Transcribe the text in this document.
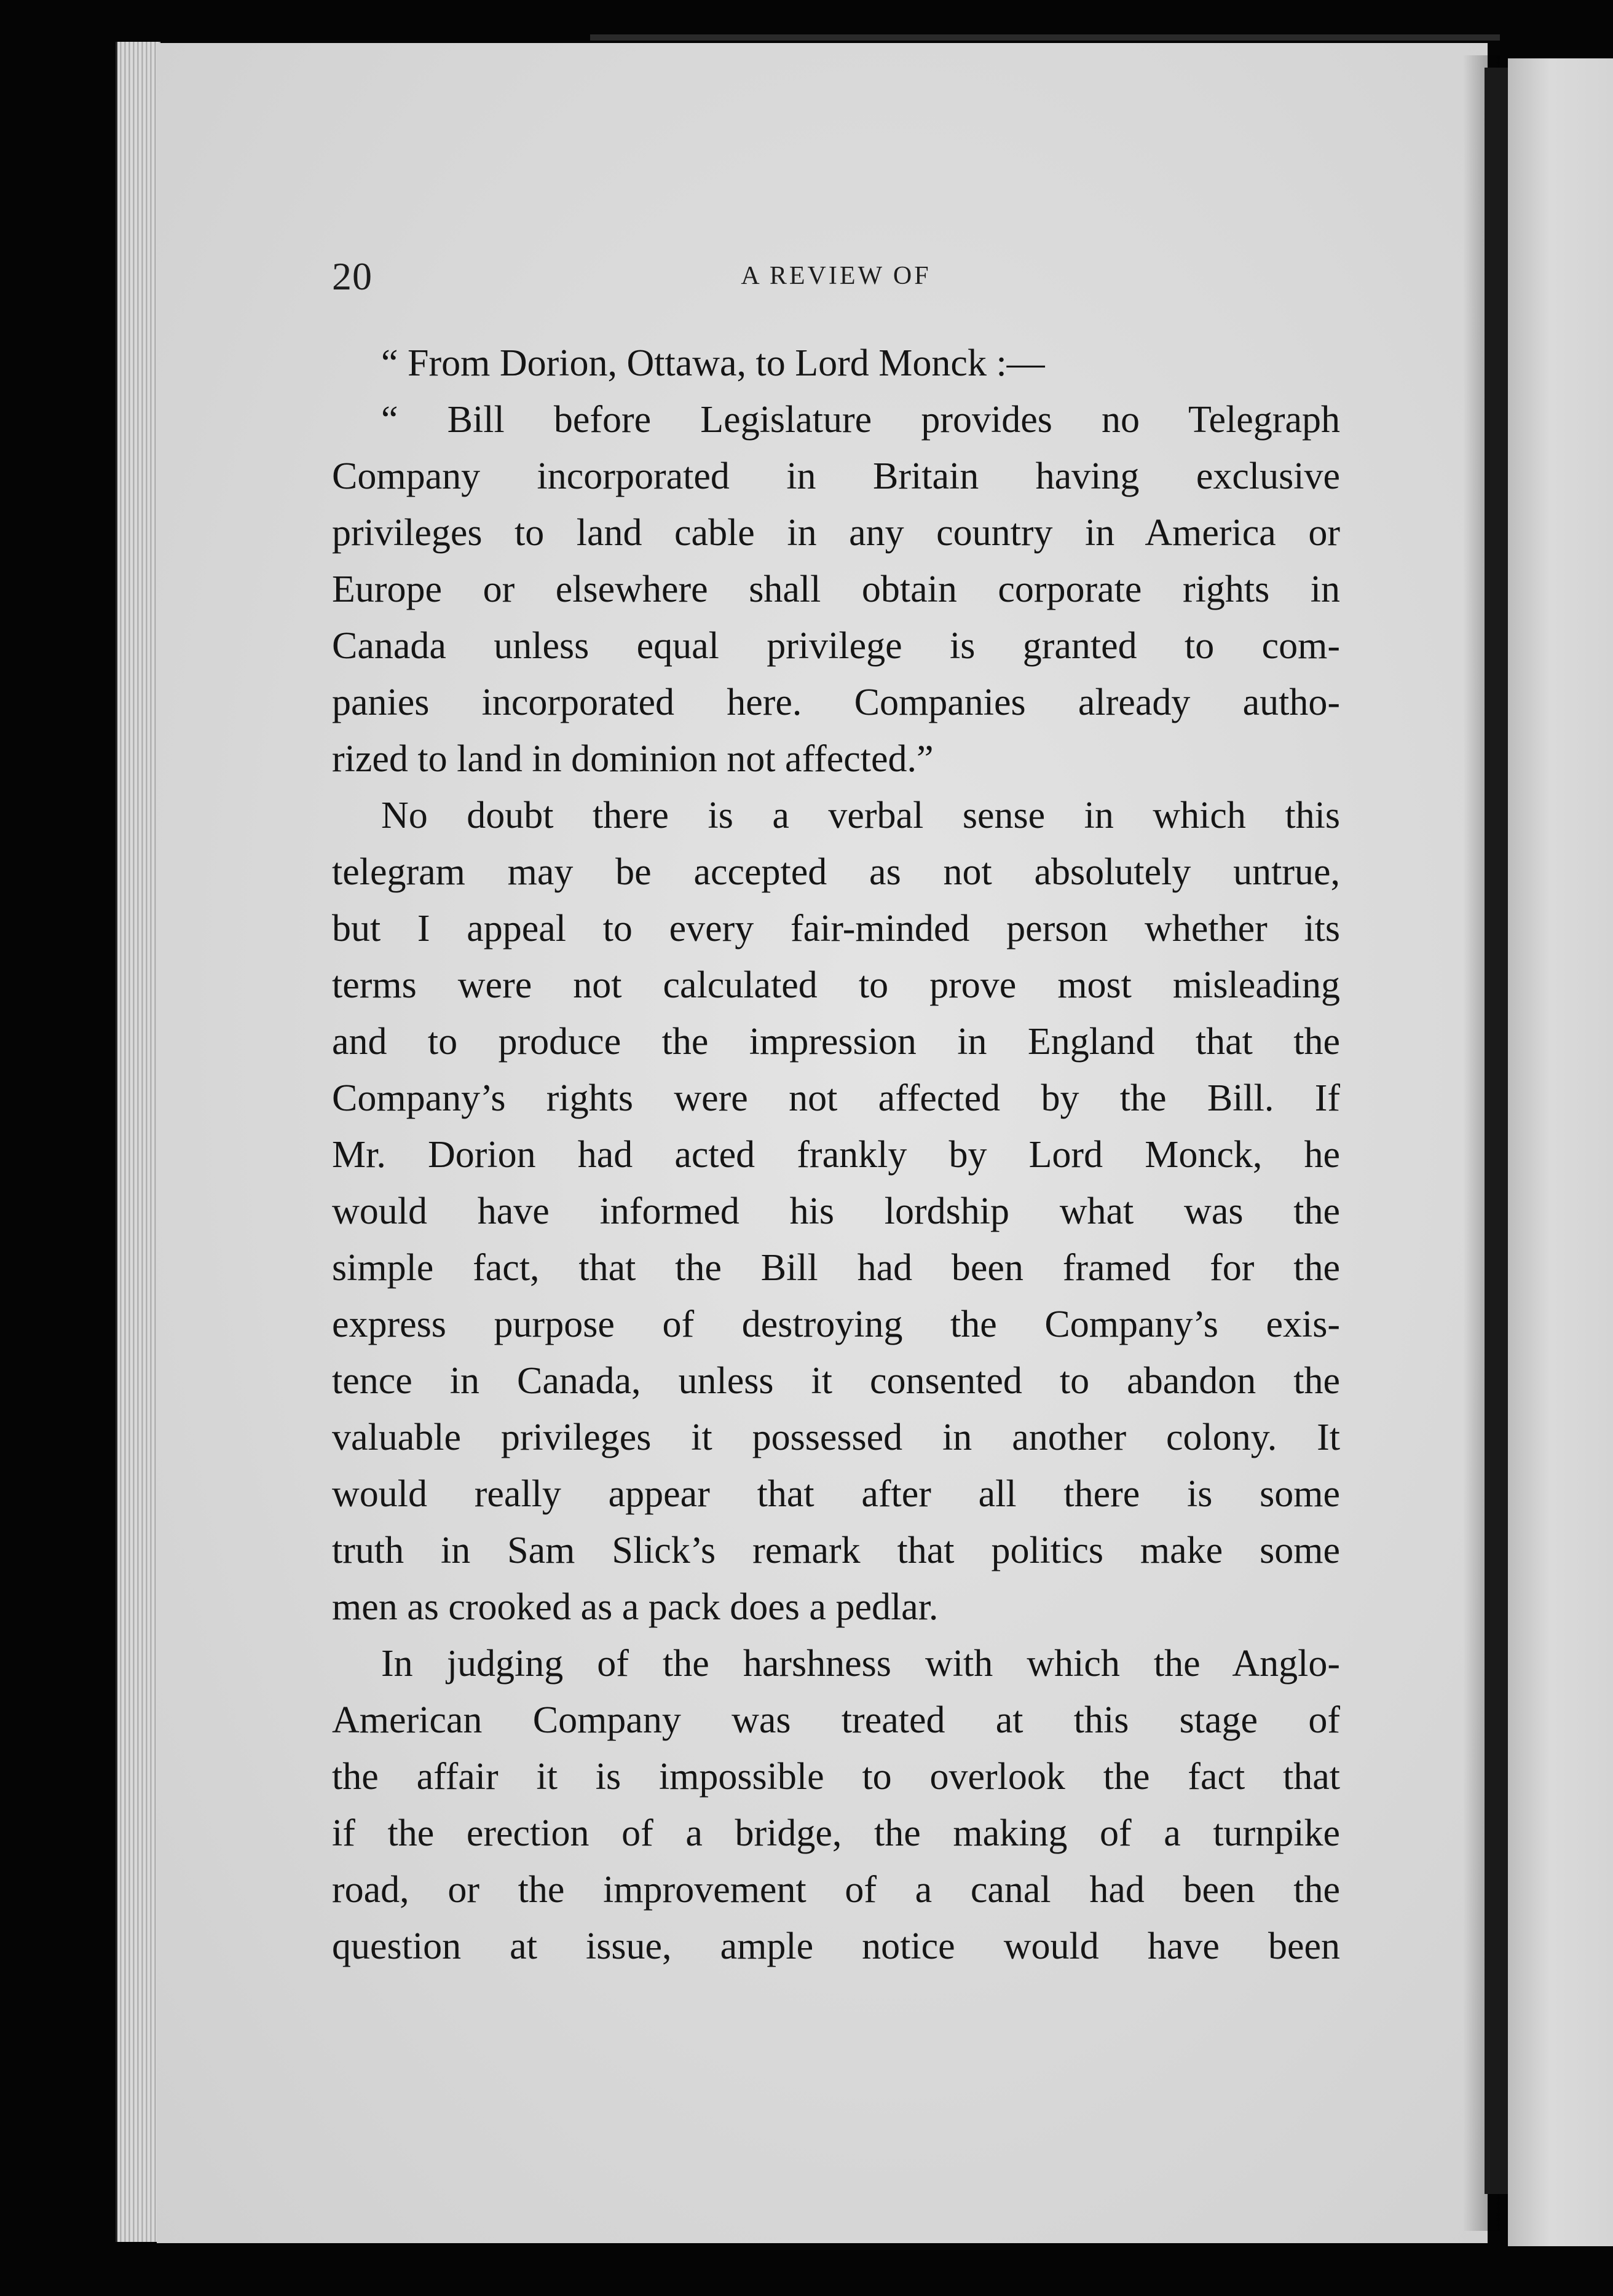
20	A REVIEW OF
“ From Dorion, Ottawa, to Lord Monck :—
“ Bill before Legislature provides no Telegraph
Company incorporated in Britain having exclusive
privileges to land cable in any country in America or
Europe or elsewhere shall obtain corporate rights in
Canada unless equal privilege is granted to com-
panies incorporated here. Companies already autho-
rized to land in dominion not affected.”
No doubt there is a verbal sense in which this
telegram may be accepted as not absolutely untrue,
but I appeal to every fair-minded person whether its
terms were not calculated to prove most misleading
and to produce the impression in England that the
Company’s rights were not affected by the Bill. If
Mr. Dorion had acted frankly by Lord Monck, he
would have informed his lordship what was the
simple fact, that the Bill had been framed for the
express purpose of destroying the Company’s exis-
tence in Canada, unless it consented to abandon the
valuable privileges it possessed in another colony. It
would really appear that after all there is some
truth in Sam Slick’s remark that politics make some
men as crooked as a pack does a pedlar.
In judging of the harshness with which the Anglo-
American Company was treated at this stage of
the affair it is impossible to overlook the fact that
if the erection of a bridge, the making of a turnpike
road, or the improvement of a canal had been the
question at issue, ample notice would have been
